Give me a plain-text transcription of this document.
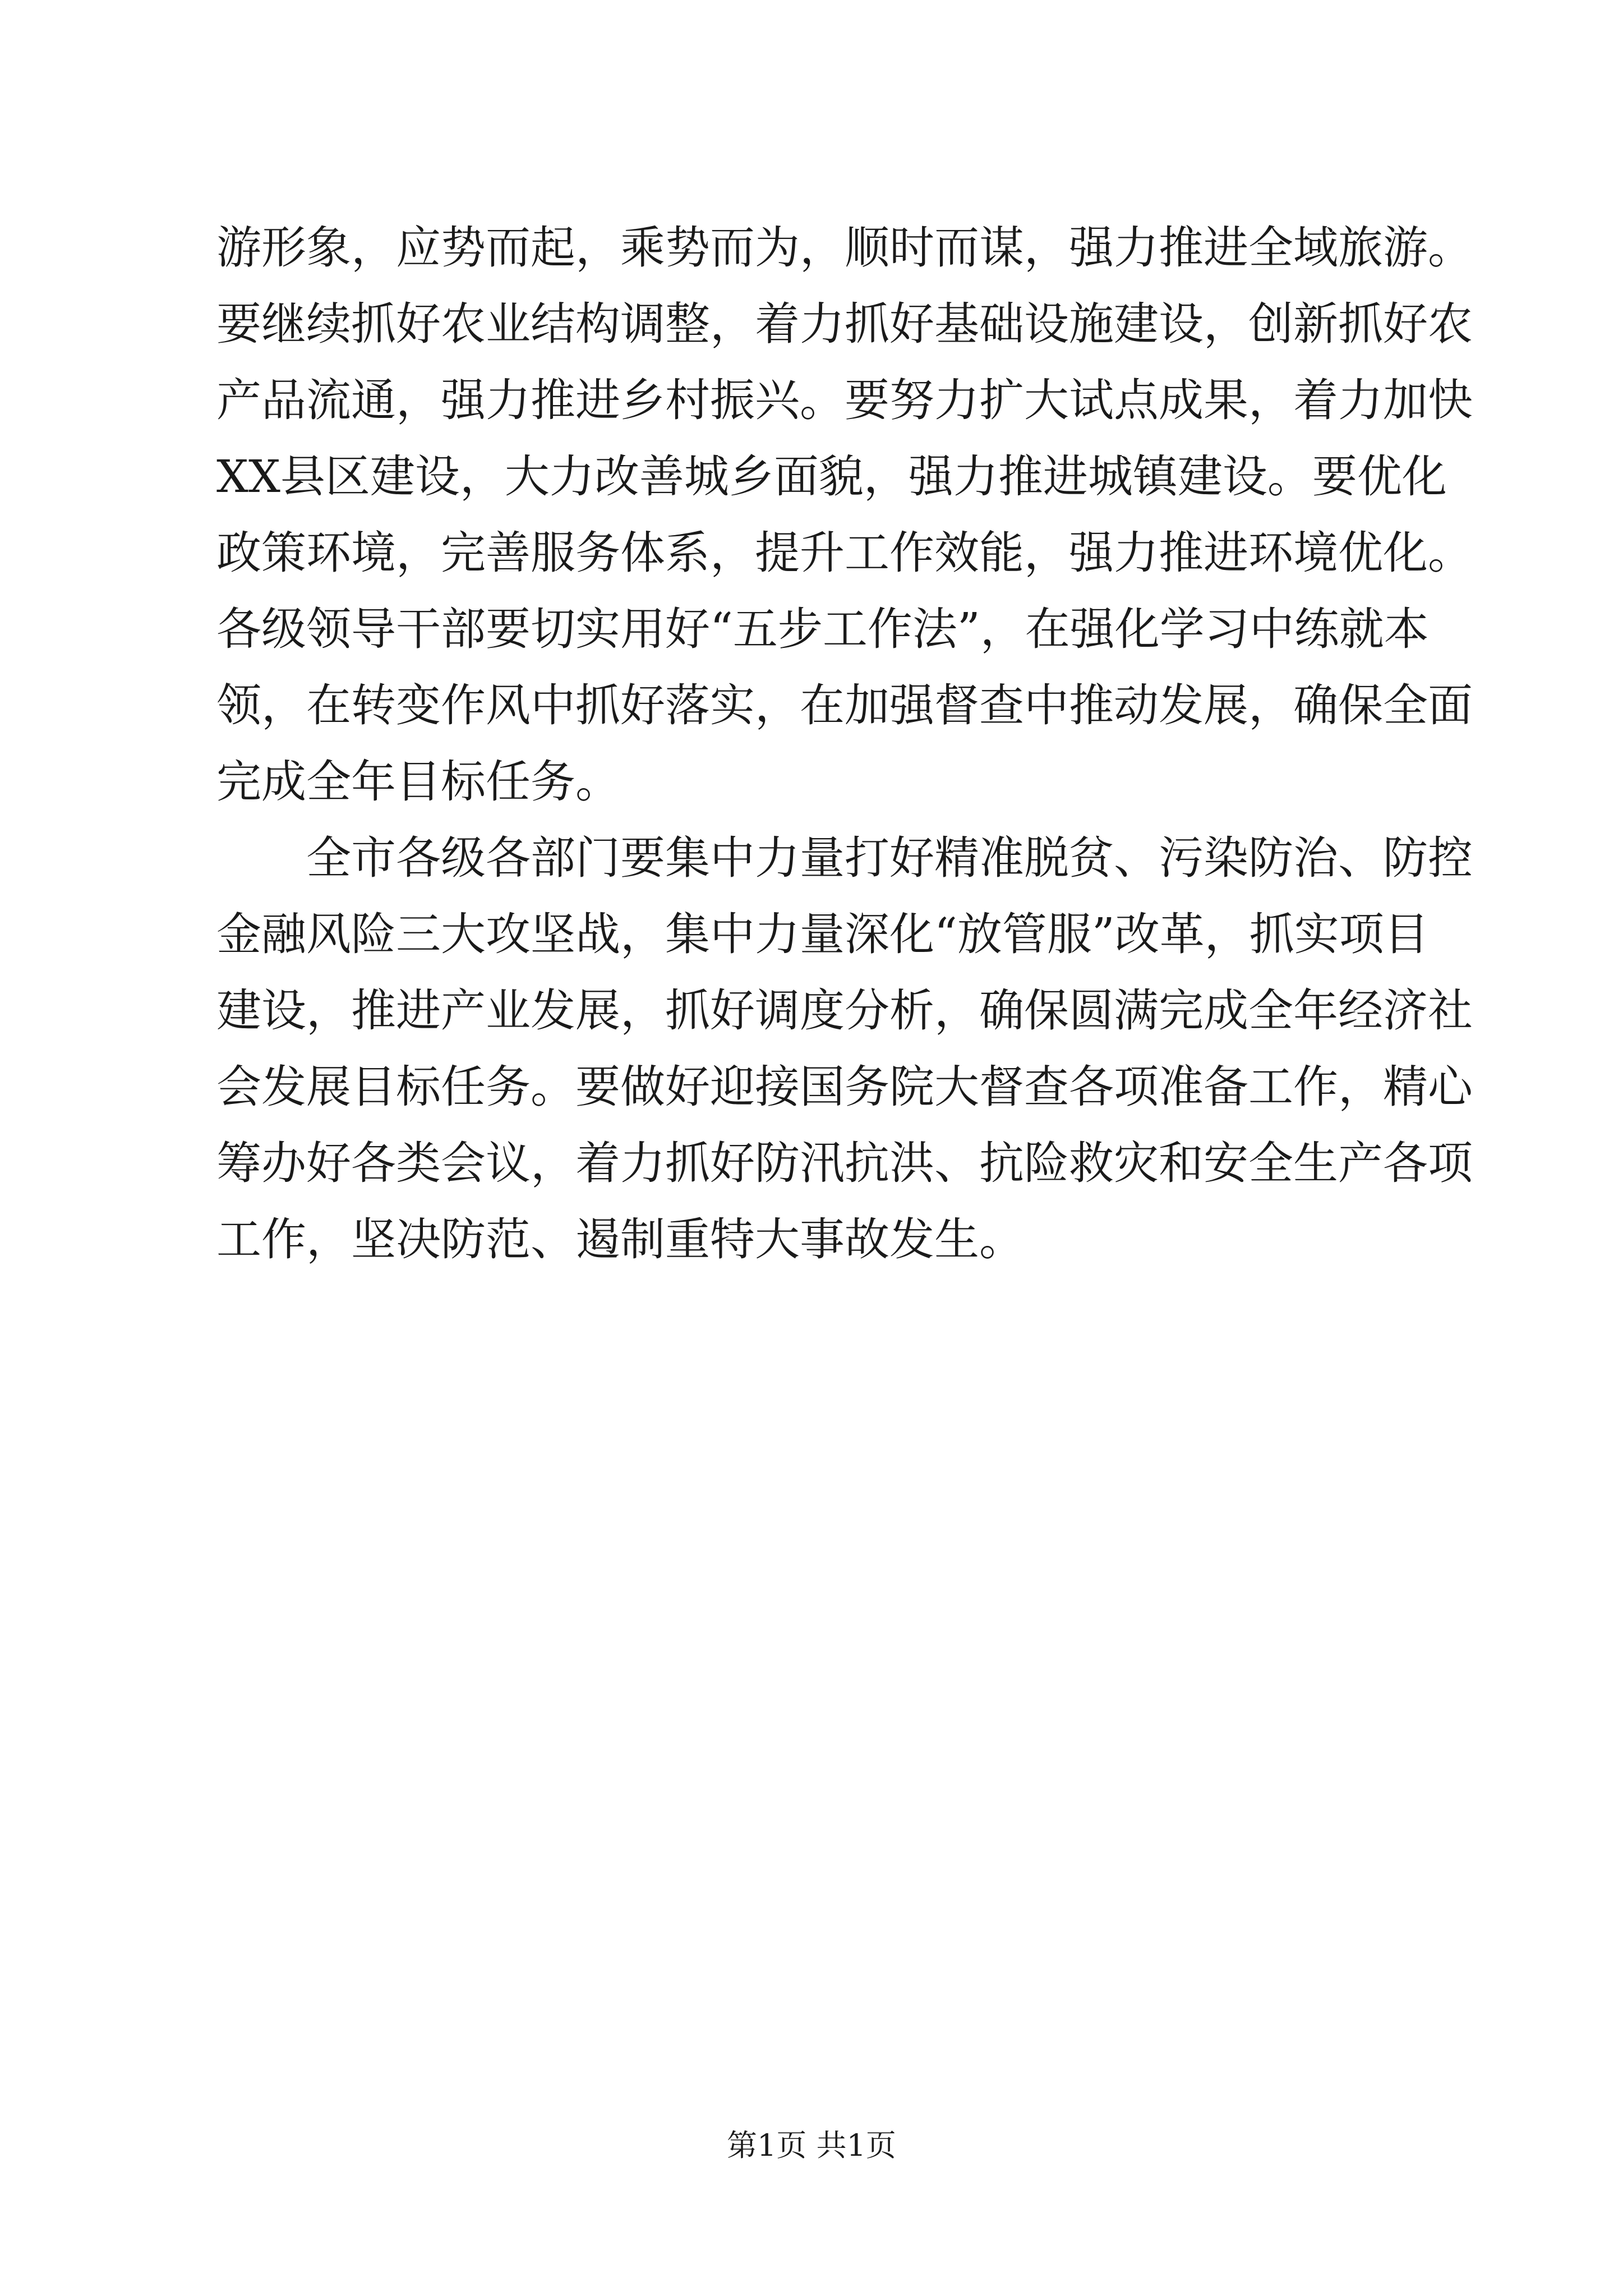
游形象，应势而起，乘势而为，顺时而谋，强力推进全域旅游。
要继续抓好农业结构调整，着力抓好基础设施建设，创新抓好农
产品流通，强力推进乡村振兴。要努力扩大试点成果，着力加快
XX县区建设，大力改善城乡面貌，强力推进城镇建设。要优化
政策环境，完善服务体系，提升工作效能，强力推进环境优化。
各级领导干部要切实用好“五步工作法”，在强化学习中练就本
领，在转变作风中抓好落实，在加强督查中推动发展，确保全面
完成全年目标任务。
全市各级各部门要集中力量打好精准脱贫、污染防治、防控
金融风险三大攻坚战，集中力量深化“放管服”改革，抓实项目
建设，推进产业发展，抓好调度分析，确保圆满完成全年经济社
会发展目标任务。要做好迎接国务院大督查各项准备工作，精心
筹办好各类会议，着力抓好防汛抗洪、抗险救灾和安全生产各项
工作，坚决防范、遏制重特大事故发生。
第1页 共1页
